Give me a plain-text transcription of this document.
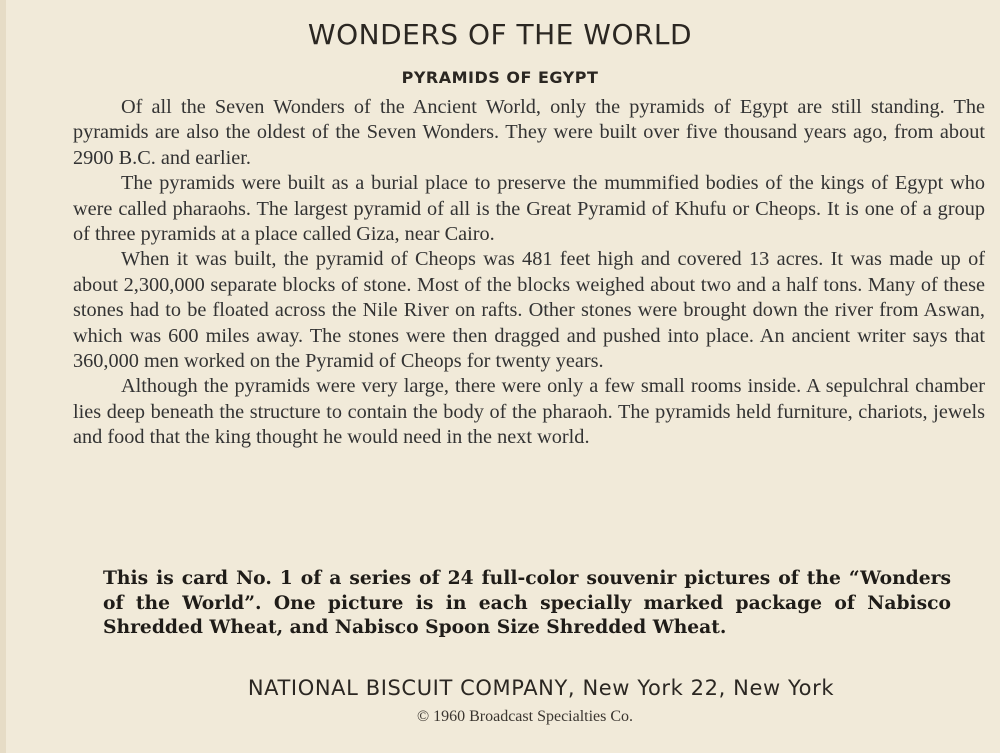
WONDERS OF THE WORLD
PYRAMIDS OF EGYPT

Of all the Seven Wonders of the Ancient World, only the pyramids of Egypt are still standing. The pyramids are also the oldest of the Seven Wonders. They were built over five thousand years ago, from about 2900 B.C. and earlier.

The pyramids were built as a burial place to preserve the mummified bodies of the kings of Egypt who were called pharaohs. The largest pyramid of all is the Great Pyramid of Khufu or Cheops. It is one of a group of three pyramids at a place called Giza, near Cairo.

When it was built, the pyramid of Cheops was 481 feet high and covered 13 acres. It was made up of about 2,300,000 separate blocks of stone. Most of the blocks weighed about two and a half tons. Many of these stones had to be floated across the Nile River on rafts. Other stones were brought down the river from Aswan, which was 600 miles away. The stones were then dragged and pushed into place. An ancient writer says that 360,000 men worked on the Pyramid of Cheops for twenty years.

Although the pyramids were very large, there were only a few small rooms inside. A sepulchral chamber lies deep beneath the structure to contain the body of the pharaoh. The pyramids held furniture, chariots, jewels and food that the king thought he would need in the next world.

This is card No. 1 of a series of 24 full-color souvenir pictures of the “Wonders of the World”. One picture is in each specially marked package of Nabisco Shredded Wheat, and Nabisco Spoon Size Shredded Wheat.

NATIONAL BISCUIT COMPANY, New York 22, New York

© 1960 Broadcast Specialties Co.
